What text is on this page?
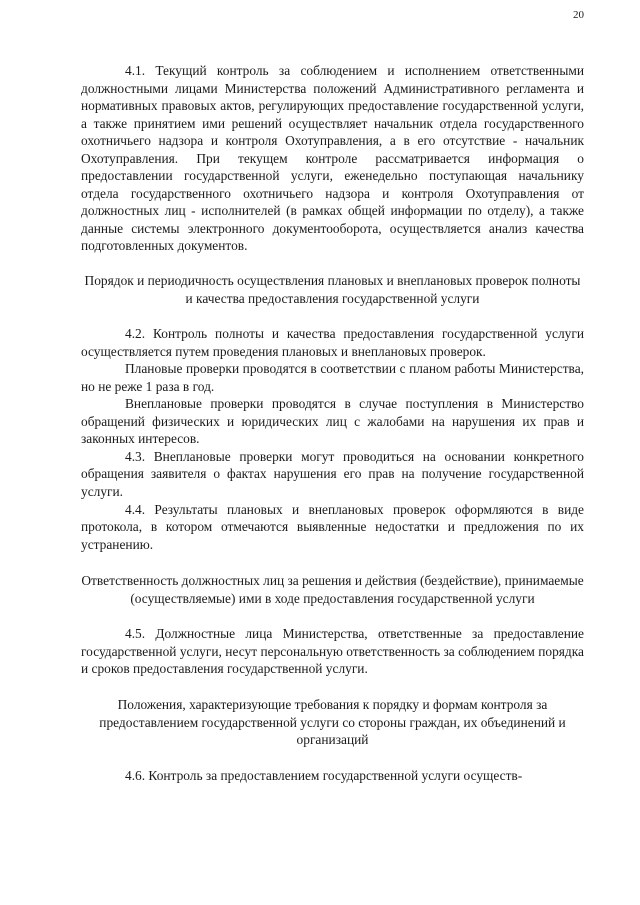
20

4.1. Текущий контроль за соблюдением и исполнением ответственными должностными лицами Министерства положений Административного регламента и нормативных правовых актов, регулирующих предоставление государственной услуги, а также принятием ими решений осуществляет начальник отдела государственного охотничьего надзора и контроля Охотуправления, а в его отсутствие - начальник Охотуправления. При текущем контроле рассматривается информация о предоставлении государственной услуги, еженедельно поступающая начальнику отдела государственного охотничьего надзора и контроля Охотуправления от должностных лиц - исполнителей (в рамках общей информации по отделу), а также данные системы электронного документооборота, осуществляется анализ качества подготовленных документов.

Порядок и периодичность осуществления плановых и внеплановых проверок полноты и качества предоставления государственной услуги

4.2. Контроль полноты и качества предоставления государственной услуги осуществляется путем проведения плановых и внеплановых проверок.

Плановые проверки проводятся в соответствии с планом работы Министерства, но не реже 1 раза в год.

Внеплановые проверки проводятся в случае поступления в Министерство обращений физических и юридических лиц с жалобами на нарушения их прав и законных интересов.

4.3. Внеплановые проверки могут проводиться на основании конкретного обращения заявителя о фактах нарушения его прав на получение государственной услуги.

4.4. Результаты плановых и внеплановых проверок оформляются в виде протокола, в котором отмечаются выявленные недостатки и предложения по их устранению.

Ответственность должностных лиц за решения и действия (бездействие), принимаемые (осуществляемые) ими в ходе предоставления государственной услуги

4.5. Должностные лица Министерства, ответственные за предоставление государственной услуги, несут персональную ответственность за соблюдением порядка и сроков предоставления государственной услуги.

Положения, характеризующие требования к порядку и формам контроля за предоставлением государственной услуги со стороны граждан, их объединений и организаций

4.6. Контроль за предоставлением государственной услуги осуществ-
